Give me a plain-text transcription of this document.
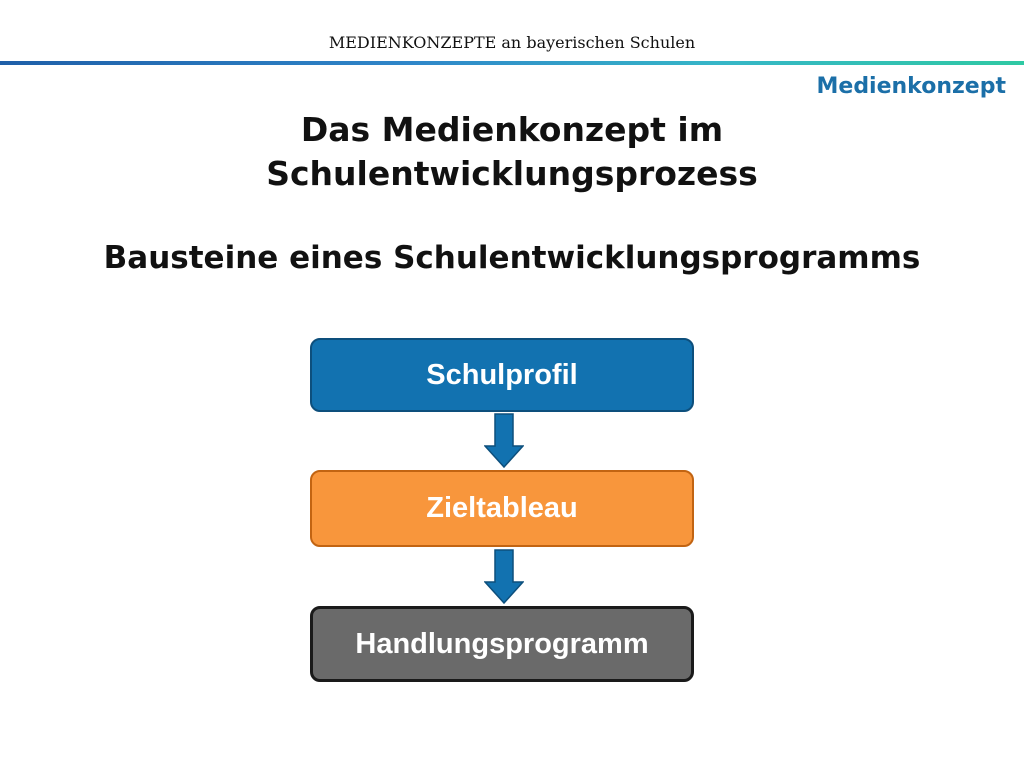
MEDIENKONZEPTE an bayerischen Schulen
Medienkonzept
Das Medienkonzept im
Schulentwicklungsprozess
Bausteine eines Schulentwicklungsprogramms
Schulprofil
Zieltableau
Handlungsprogramm
